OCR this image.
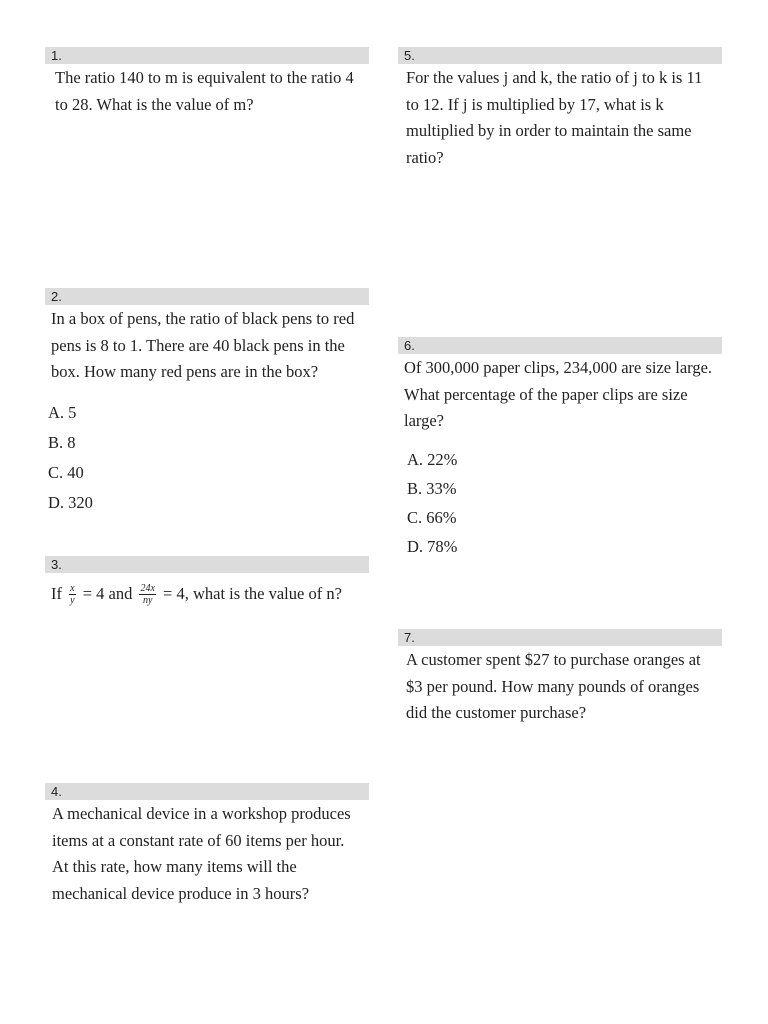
1.
The ratio 140 to m is equivalent to the ratio 4 to 28. What is the value of m?
2.
In a box of pens, the ratio of black pens to red pens is 8 to 1. There are 40 black pens in the box. How many red pens are in the box?
A. 5
B. 8
C. 40
D. 320
3.
If $\frac{x}{y} = 4$ and $\frac{24x}{ny} = 4$, what is the value of n?
4.
A mechanical device in a workshop produces items at a constant rate of 60 items per hour. At this rate, how many items will the mechanical device produce in 3 hours?
5.
For the values j and k, the ratio of j to k is 11 to 12. If j is multiplied by 17, what is k multiplied by in order to maintain the same ratio?
6.
Of 300,000 paper clips, 234,000 are size large. What percentage of the paper clips are size large?
A. 22%
B. 33%
C. 66%
D. 78%
7.
A customer spent $27 to purchase oranges at $3 per pound. How many pounds of oranges did the customer purchase?
